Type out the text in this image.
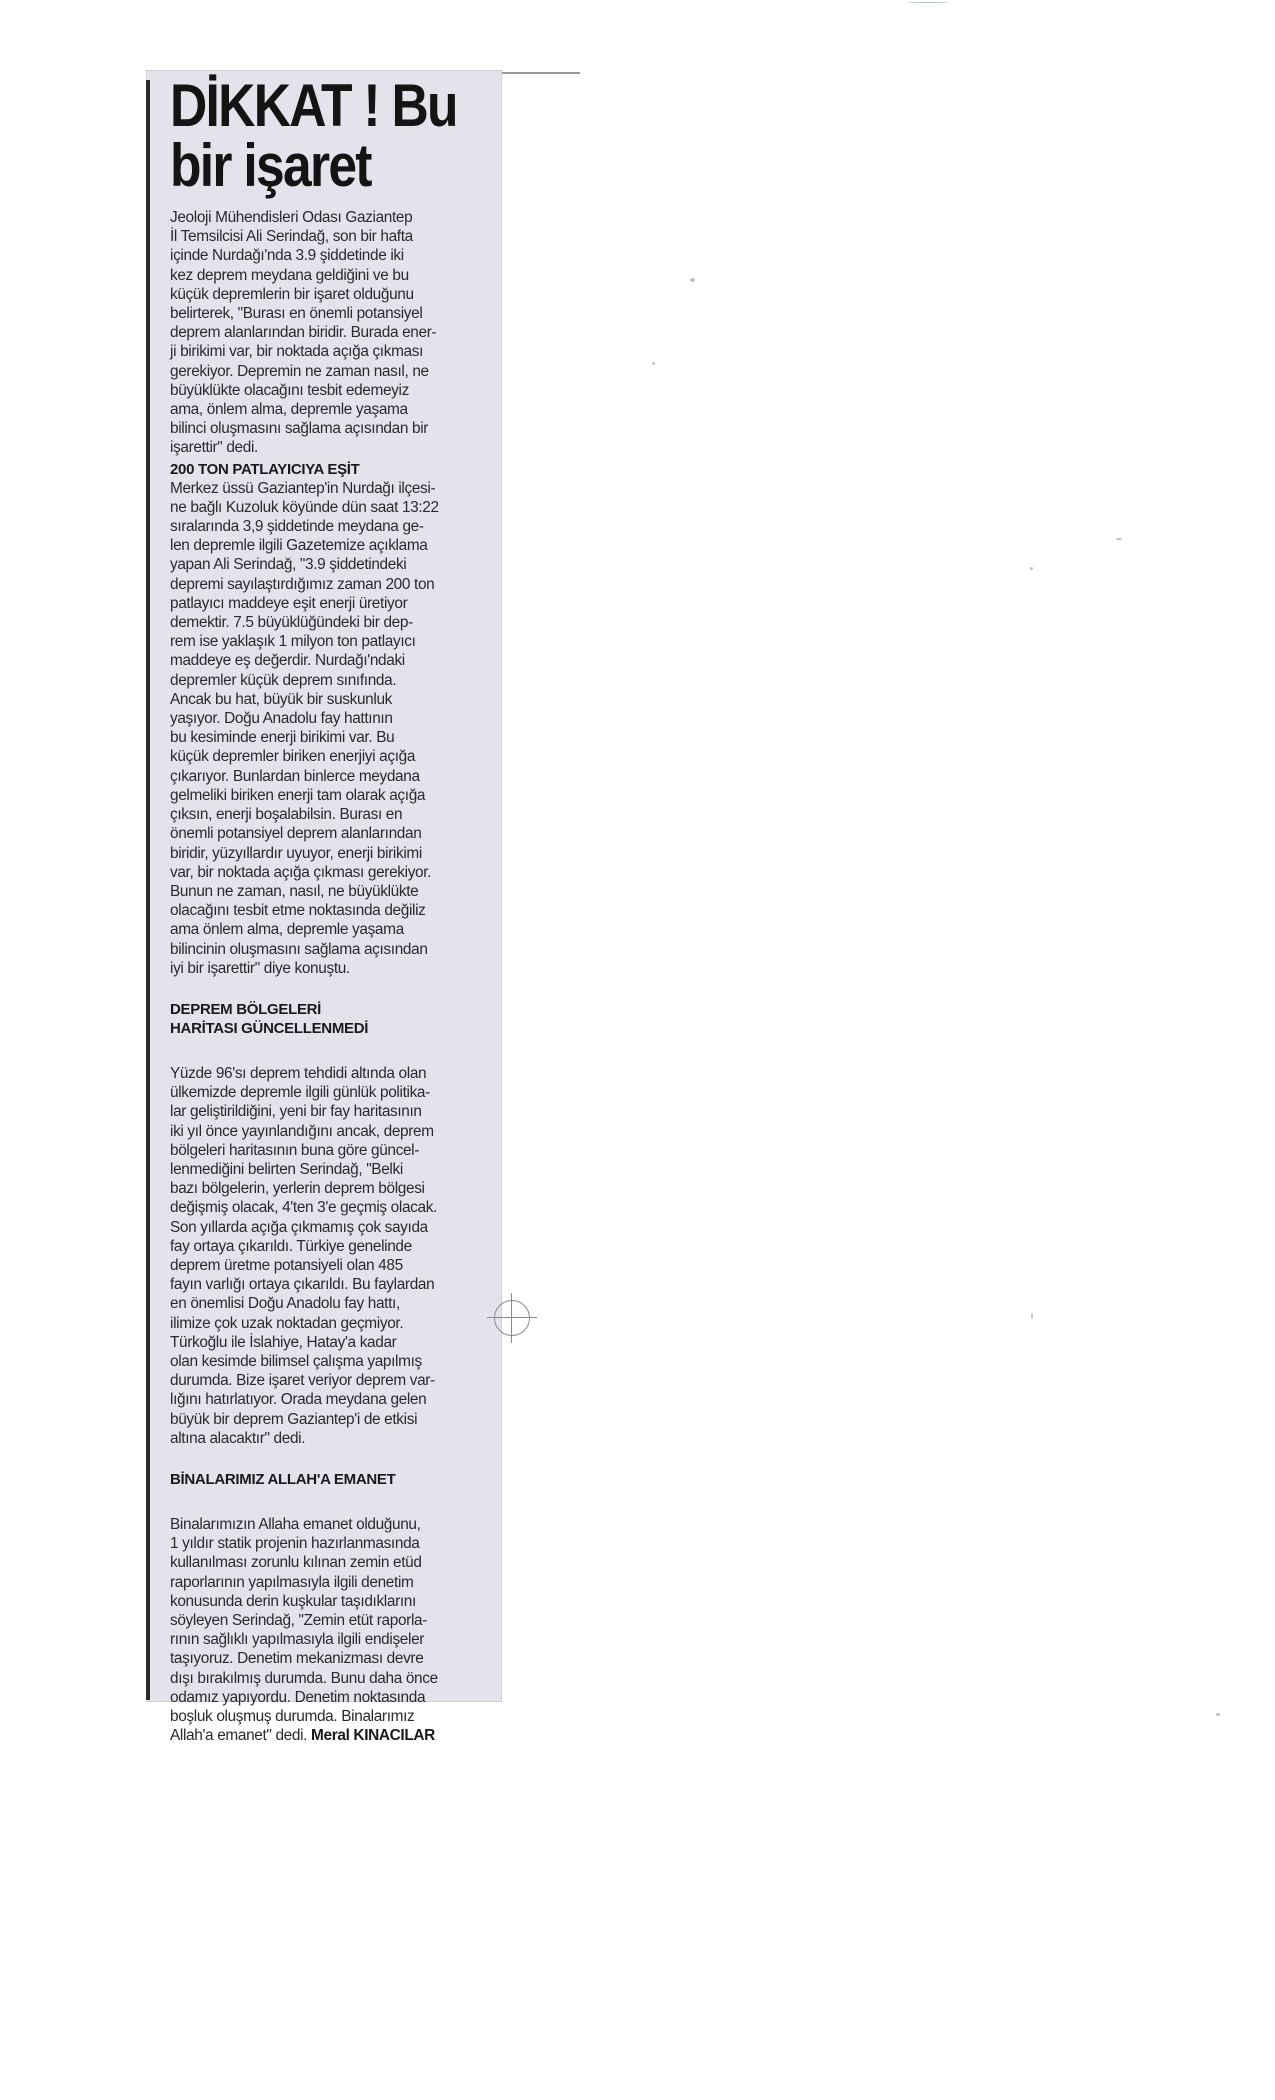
DİKKAT ! Bu
bir işaret

Jeoloji Mühendisleri Odası Gaziantep
İl Temsilcisi Ali Serindağ, son bir hafta
içinde Nurdağı'nda 3.9 şiddetinde iki
kez deprem meydana geldiğini ve bu
küçük depremlerin bir işaret olduğunu
belirterek, "Burası en önemli potansiyel
deprem alanlarından biridir. Burada ener-
ji birikimi var, bir noktada açığa çıkması
gerekiyor. Depremin ne zaman nasıl, ne
büyüklükte olacağını tesbit edemeyiz
ama, önlem alma, depremle yaşama
bilinci oluşmasını sağlama açısından bir
işarettir" dedi.

200 TON PATLAYICIYA EŞİT

Merkez üssü Gaziantep'in Nurdağı ilçesi-
ne bağlı Kuzoluk köyünde dün saat 13:22
sıralarında 3,9 şiddetinde meydana ge-
len depremle ilgili Gazetemize açıklama
yapan Ali Serindağ, "3.9 şiddetindeki
depremi sayılaştırdığımız zaman 200 ton
patlayıcı maddeye eşit enerji üretiyor
demektir. 7.5 büyüklüğündeki bir dep-
rem ise yaklaşık 1 milyon ton patlayıcı
maddeye eş değerdir. Nurdağı'ndaki
depremler küçük deprem sınıfında.
Ancak bu hat, büyük bir suskunluk
yaşıyor. Doğu Anadolu fay hattının
bu kesiminde enerji birikimi var. Bu
küçük depremler biriken enerjiyi açığa
çıkarıyor. Bunlardan binlerce meydana
gelmeliki biriken enerji tam olarak açığa
çıksın, enerji boşalabilsin. Burası en
önemli potansiyel deprem alanlarından
biridir, yüzyıllardır uyuyor, enerji birikimi
var, bir noktada açığa çıkması gerekiyor.
Bunun ne zaman, nasıl, ne büyüklükte
olacağını tesbit etme noktasında değiliz
ama önlem alma, depremle yaşama
bilincinin oluşmasını sağlama açısından
iyi bir işarettir" diye konuştu.

DEPREM BÖLGELERİ
HARİTASI GÜNCELLENMEDİ

Yüzde 96'sı deprem tehdidi altında olan
ülkemizde depremle ilgili günlük politika-
lar geliştirildiğini, yeni bir fay haritasının
iki yıl önce yayınlandığını ancak, deprem
bölgeleri haritasının buna göre güncel-
lenmediğini belirten Serindağ, "Belki
bazı bölgelerin, yerlerin deprem bölgesi
değişmiş olacak, 4'ten 3'e geçmiş olacak.
Son yıllarda açığa çıkmamış çok sayıda
fay ortaya çıkarıldı. Türkiye genelinde
deprem üretme potansiyeli olan 485
fayın varlığı ortaya çıkarıldı. Bu faylardan
en önemlisi Doğu Anadolu fay hattı,
ilimize çok uzak noktadan geçmiyor.
Türkoğlu ile İslahiye, Hatay'a kadar
olan kesimde bilimsel çalışma yapılmış
durumda. Bize işaret veriyor deprem var-
lığını hatırlatıyor. Orada meydana gelen
büyük bir deprem Gaziantep'i de etkisi
altına alacaktır" dedi.

BİNALARIMIZ ALLAH'A EMANET

Binalarımızın Allaha emanet olduğunu,
1 yıldır statik projenin hazırlanmasında
kullanılması zorunlu kılınan zemin etüd
raporlarının yapılmasıyla ilgili denetim
konusunda derin kuşkular taşıdıklarını
söyleyen Serindağ, "Zemin etüt raporla-
rının sağlıklı yapılmasıyla ilgili endişeler
taşıyoruz. Denetim mekanizması devre
dışı bırakılmış durumda. Bunu daha önce
odamız yapıyordu. Denetim noktasında
boşluk oluşmuş durumda. Binalarımız
Allah'a emanet" dedi. Meral KINACILAR
